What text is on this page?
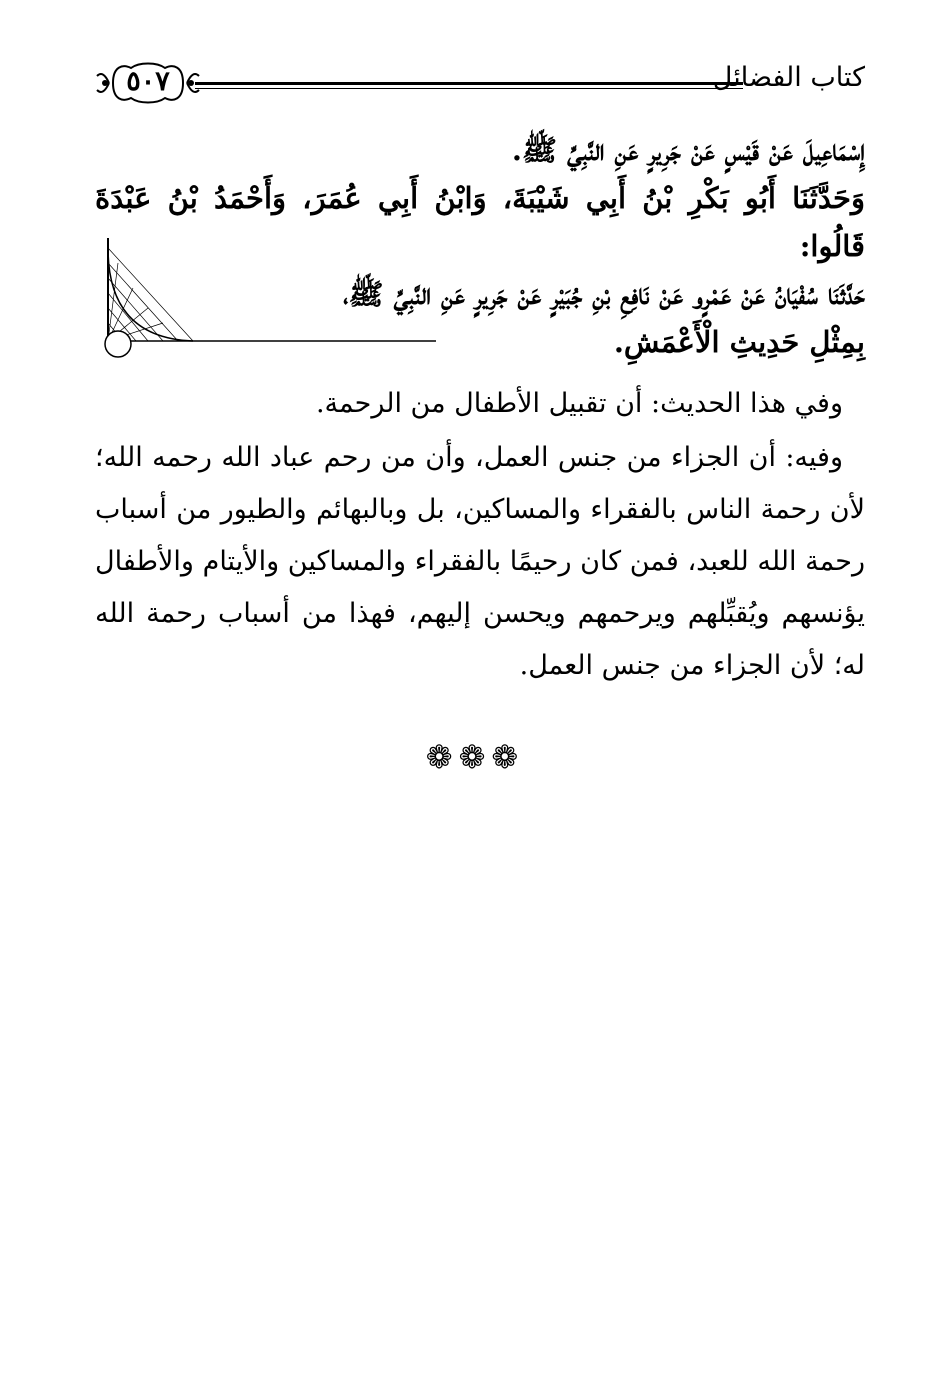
كتاب الفضائل
٥٠٧

إِسْمَاعِيلَ عَنْ قَيْسٍ عَنْ جَرِيرٍ عَنِ النَّبِيِّ ﷺ.

وَحَدَّثَنَا أَبُو بَكْرِ بْنُ أَبِي شَيْبَةَ، وَابْنُ أَبِي عُمَرَ، وَأَحْمَدُ بْنُ عَبْدَةَ قَالُوا:

حَدَّثَنَا سُفْيَانُ عَنْ عَمْرٍو عَنْ نَافِعِ بْنِ جُبَيْرٍ عَنْ جَرِيرٍ عَنِ النَّبِيِّ ﷺ،

بِمِثْلِ حَدِيثِ الْأَعْمَشِ.

وفي هذا الحديث: أن تقبيل الأطفال من الرحمة.

وفيه: أن الجزاء من جنس العمل، وأن من رحم عباد الله رحمه الله؛ لأن رحمة الناس بالفقراء والمساكين، بل وبالبهائم والطيور من أسباب رحمة الله للعبد، فمن كان رحيمًا بالفقراء والمساكين والأيتام والأطفال يؤنسهم ويُقبِّلهم ويرحمهم ويحسن إليهم، فهذا من أسباب رحمة الله له؛ لأن الجزاء من جنس العمل.

❁❁❁
